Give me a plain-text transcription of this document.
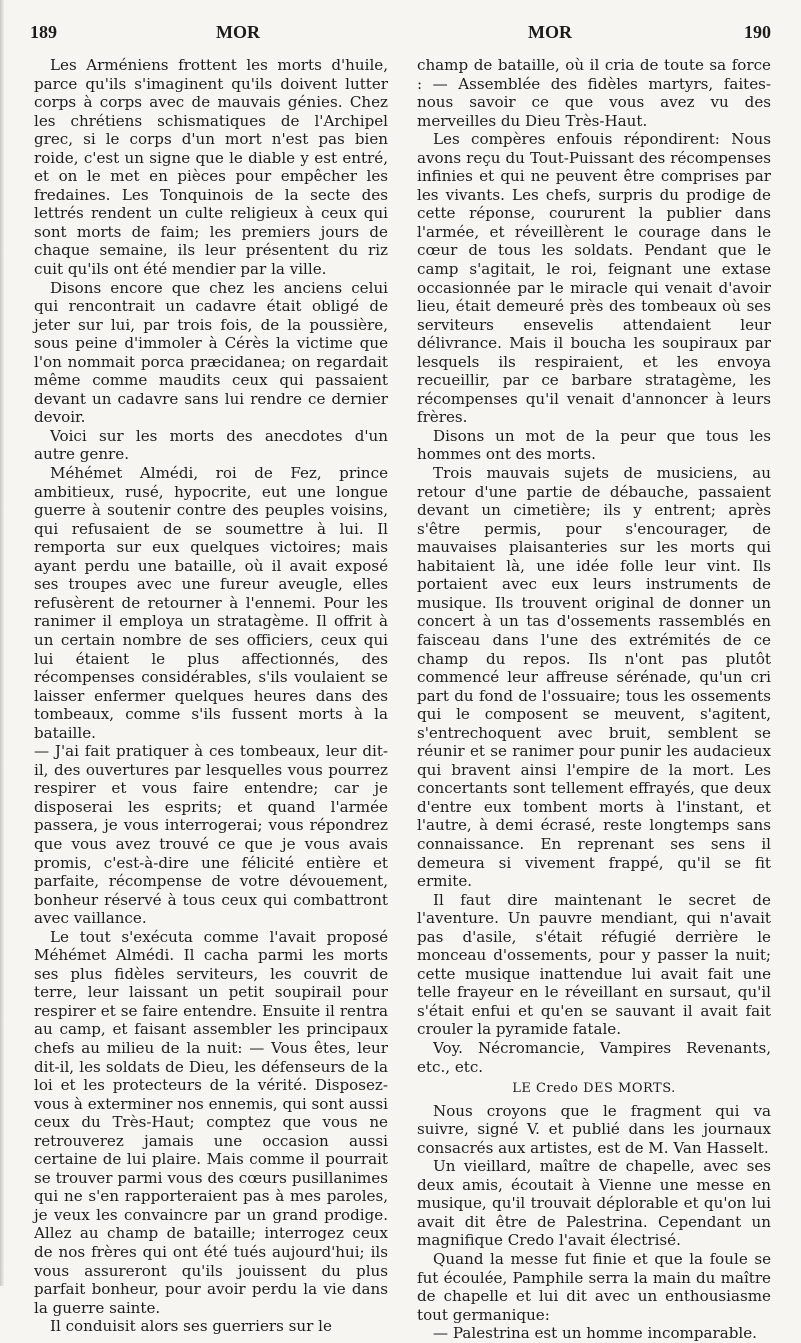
189	MOR	MOR	190

Les Arméniens frottent les morts d'huile, parce qu'ils s'imaginent qu'ils doivent lutter corps à corps avec de mauvais génies. Chez les chrétiens schismatiques de l'Archipel grec, si le corps d'un mort n'est pas bien roide, c'est un signe que le diable y est entré, et on le met en pièces pour empêcher les fredaines. Les Tonquinois de la secte des lettrés rendent un culte religieux à ceux qui sont morts de faim; les premiers jours de chaque semaine, ils leur présentent du riz cuit qu'ils ont été mendier par la ville.

Disons encore que chez les anciens celui qui rencontrait un cadavre était obligé de jeter sur lui, par trois fois, de la poussière, sous peine d'immoler à Cérès la victime que l'on nommait porca præcidanea; on regardait même comme maudits ceux qui passaient devant un cadavre sans lui rendre ce dernier devoir.

Voici sur les morts des anecdotes d'un autre genre.

Méhémet Almédi, roi de Fez, prince ambitieux, rusé, hypocrite, eut une longue guerre à soutenir contre des peuples voisins, qui refusaient de se soumettre à lui. Il remporta sur eux quelques victoires; mais ayant perdu une bataille, où il avait exposé ses troupes avec une fureur aveugle, elles refusèrent de retourner à l'ennemi. Pour les ranimer il employa un stratagème. Il offrit à un certain nombre de ses officiers, ceux qui lui étaient le plus affectionnés, des récompenses considérables, s'ils voulaient se laisser enfermer quelques heures dans des tombeaux, comme s'ils fussent morts à la bataille.

— J'ai fait pratiquer à ces tombeaux, leur dit-il, des ouvertures par lesquelles vous pourrez respirer et vous faire entendre; car je disposerai les esprits; et quand l'armée passera, je vous interrogerai; vous répondrez que vous avez trouvé ce que je vous avais promis, c'est-à-dire une félicité entière et parfaite, récompense de votre dévouement, bonheur réservé à tous ceux qui combattront avec vaillance.

Le tout s'exécuta comme l'avait proposé Méhémet Almédi. Il cacha parmi les morts ses plus fidèles serviteurs, les couvrit de terre, leur laissant un petit soupirail pour respirer et se faire entendre. Ensuite il rentra au camp, et faisant assembler les principaux chefs au milieu de la nuit: — Vous êtes, leur dit-il, les soldats de Dieu, les défenseurs de la loi et les protecteurs de la vérité. Disposez-vous à exterminer nos ennemis, qui sont aussi ceux du Très-Haut; comptez que vous ne retrouverez jamais une occasion aussi certaine de lui plaire. Mais comme il pourrait se trouver parmi vous des cœurs pusillanimes qui ne s'en rapporteraient pas à mes paroles, je veux les convaincre par un grand prodige. Allez au champ de bataille; interrogez ceux de nos frères qui ont été tués aujourd'hui; ils vous assureront qu'ils jouissent du plus parfait bonheur, pour avoir perdu la vie dans la guerre sainte.

Il conduisit alors ses guerriers sur le

champ de bataille, où il cria de toute sa force : — Assemblée des fidèles martyrs, faites-nous savoir ce que vous avez vu des merveilles du Dieu Très-Haut.

Les compères enfouis répondirent: Nous avons reçu du Tout-Puissant des récompenses infinies et qui ne peuvent être comprises par les vivants. Les chefs, surpris du prodige de cette réponse, coururent la publier dans l'armée, et réveillèrent le courage dans le cœur de tous les soldats. Pendant que le camp s'agitait, le roi, feignant une extase occasionnée par le miracle qui venait d'avoir lieu, était demeuré près des tombeaux où ses serviteurs ensevelis attendaient leur délivrance. Mais il boucha les soupiraux par lesquels ils respiraient, et les envoya recueillir, par ce barbare stratagème, les récompenses qu'il venait d'annoncer à leurs frères.

Disons un mot de la peur que tous les hommes ont des morts.

Trois mauvais sujets de musiciens, au retour d'une partie de débauche, passaient devant un cimetière; ils y entrent; après s'être permis, pour s'encourager, de mauvaises plaisanteries sur les morts qui habitaient là, une idée folle leur vint. Ils portaient avec eux leurs instruments de musique. Ils trouvent original de donner un concert à un tas d'ossements rassemblés en faisceau dans l'une des extrémités de ce champ du repos. Ils n'ont pas plutôt commencé leur affreuse sérénade, qu'un cri part du fond de l'ossuaire; tous les ossements qui le composent se meuvent, s'agitent, s'entrechoquent avec bruit, semblent se réunir et se ranimer pour punir les audacieux qui bravent ainsi l'empire de la mort. Les concertants sont tellement effrayés, que deux d'entre eux tombent morts à l'instant, et l'autre, à demi écrasé, reste longtemps sans connaissance. En reprenant ses sens il demeura si vivement frappé, qu'il se fit ermite.

Il faut dire maintenant le secret de l'aventure. Un pauvre mendiant, qui n'avait pas d'asile, s'était réfugié derrière le monceau d'ossements, pour y passer la nuit; cette musique inattendue lui avait fait une telle frayeur en le réveillant en sursaut, qu'il s'était enfui et qu'en se sauvant il avait fait crouler la pyramide fatale.

Voy. Nécromancie, Vampires Revenants, etc., etc.

LE Credo DES MORTS.

Nous croyons que le fragment qui va suivre, signé V. et publié dans les journaux consacrés aux artistes, est de M. Van Hasselt.

Un vieillard, maître de chapelle, avec ses deux amis, écoutait à Vienne une messe en musique, qu'il trouvait déplorable et qu'on lui avait dit être de Palestrina. Cependant un magnifique Credo l'avait électrisé.

Quand la messe fut finie et que la foule se fut écoulée, Pamphile serra la main du maître de chapelle et lui dit avec un enthousiasme tout germanique:

— Palestrina est un homme incomparable.
